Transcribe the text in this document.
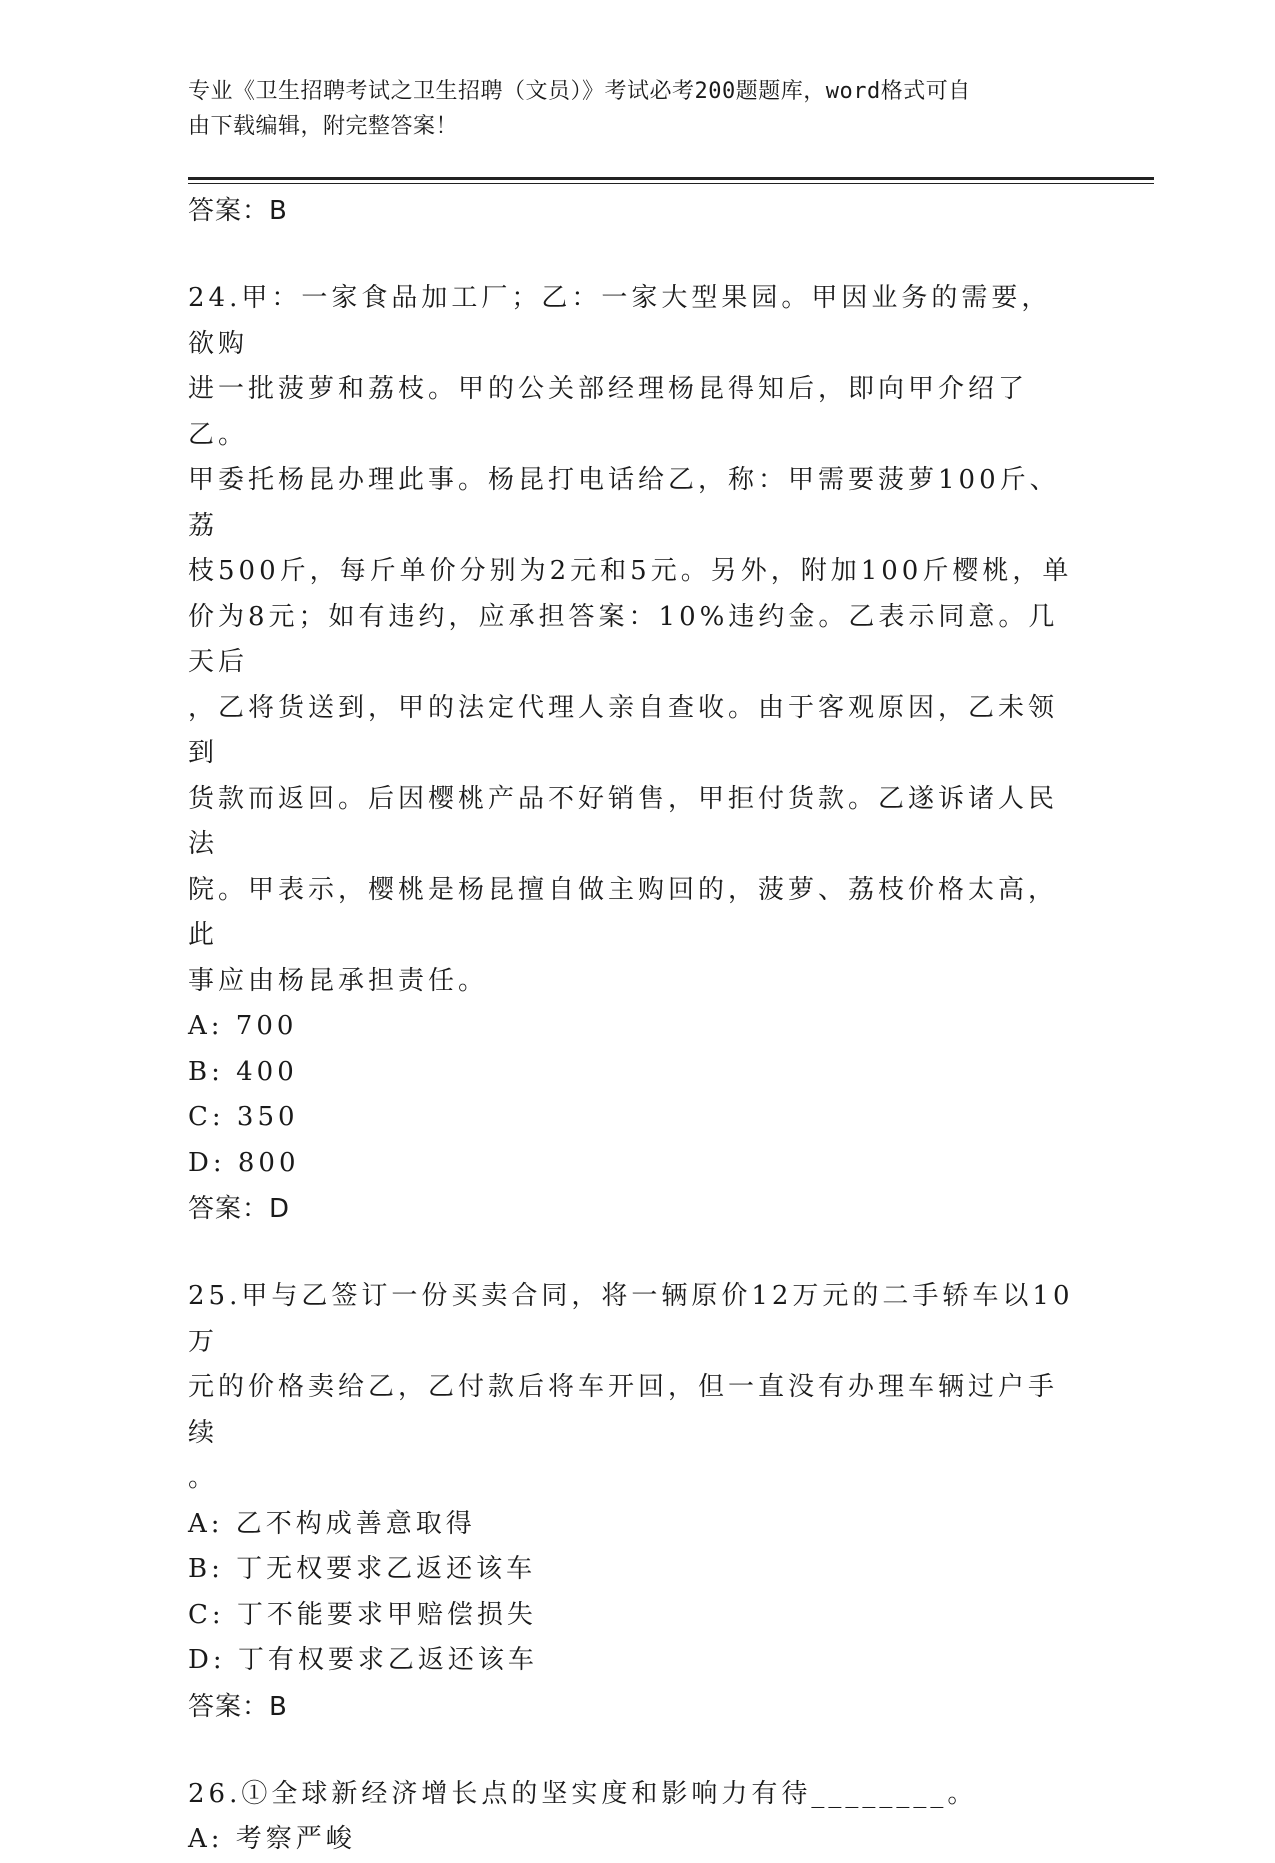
专业《卫生招聘考试之卫生招聘（文员）》考试必考200题题库，word格式可自
由下载编辑，附完整答案！

答案：B

24.甲：一家食品加工厂；乙：一家大型果园。甲因业务的需要，欲购

进一批菠萝和荔枝。甲的公关部经理杨昆得知后，即向甲介绍了乙。

甲委托杨昆办理此事。杨昆打电话给乙，称：甲需要菠萝100斤、荔

枝500斤，每斤单价分别为2元和5元。另外，附加100斤樱桃，单

价为8元；如有违约，应承担答案：10%违约金。乙表示同意。几天后

，乙将货送到，甲的法定代理人亲自查收。由于客观原因，乙未领到

货款而返回。后因樱桃产品不好销售，甲拒付货款。乙遂诉诸人民法

院。甲表示，樱桃是杨昆擅自做主购回的，菠萝、荔枝价格太高，此

事应由杨昆承担责任。

A: 700

B: 400

C: 350

D: 800

答案：D

25.甲与乙签订一份买卖合同，将一辆原价12万元的二手轿车以10万

元的价格卖给乙，乙付款后将车开回，但一直没有办理车辆过户手续

。

A: 乙不构成善意取得

B: 丁无权要求乙返还该车

C: 丁不能要求甲赔偿损失

D: 丁有权要求乙返还该车

答案：B

26.①全球新经济增长点的坚实度和影响力有待________。

A: 考察严峻
